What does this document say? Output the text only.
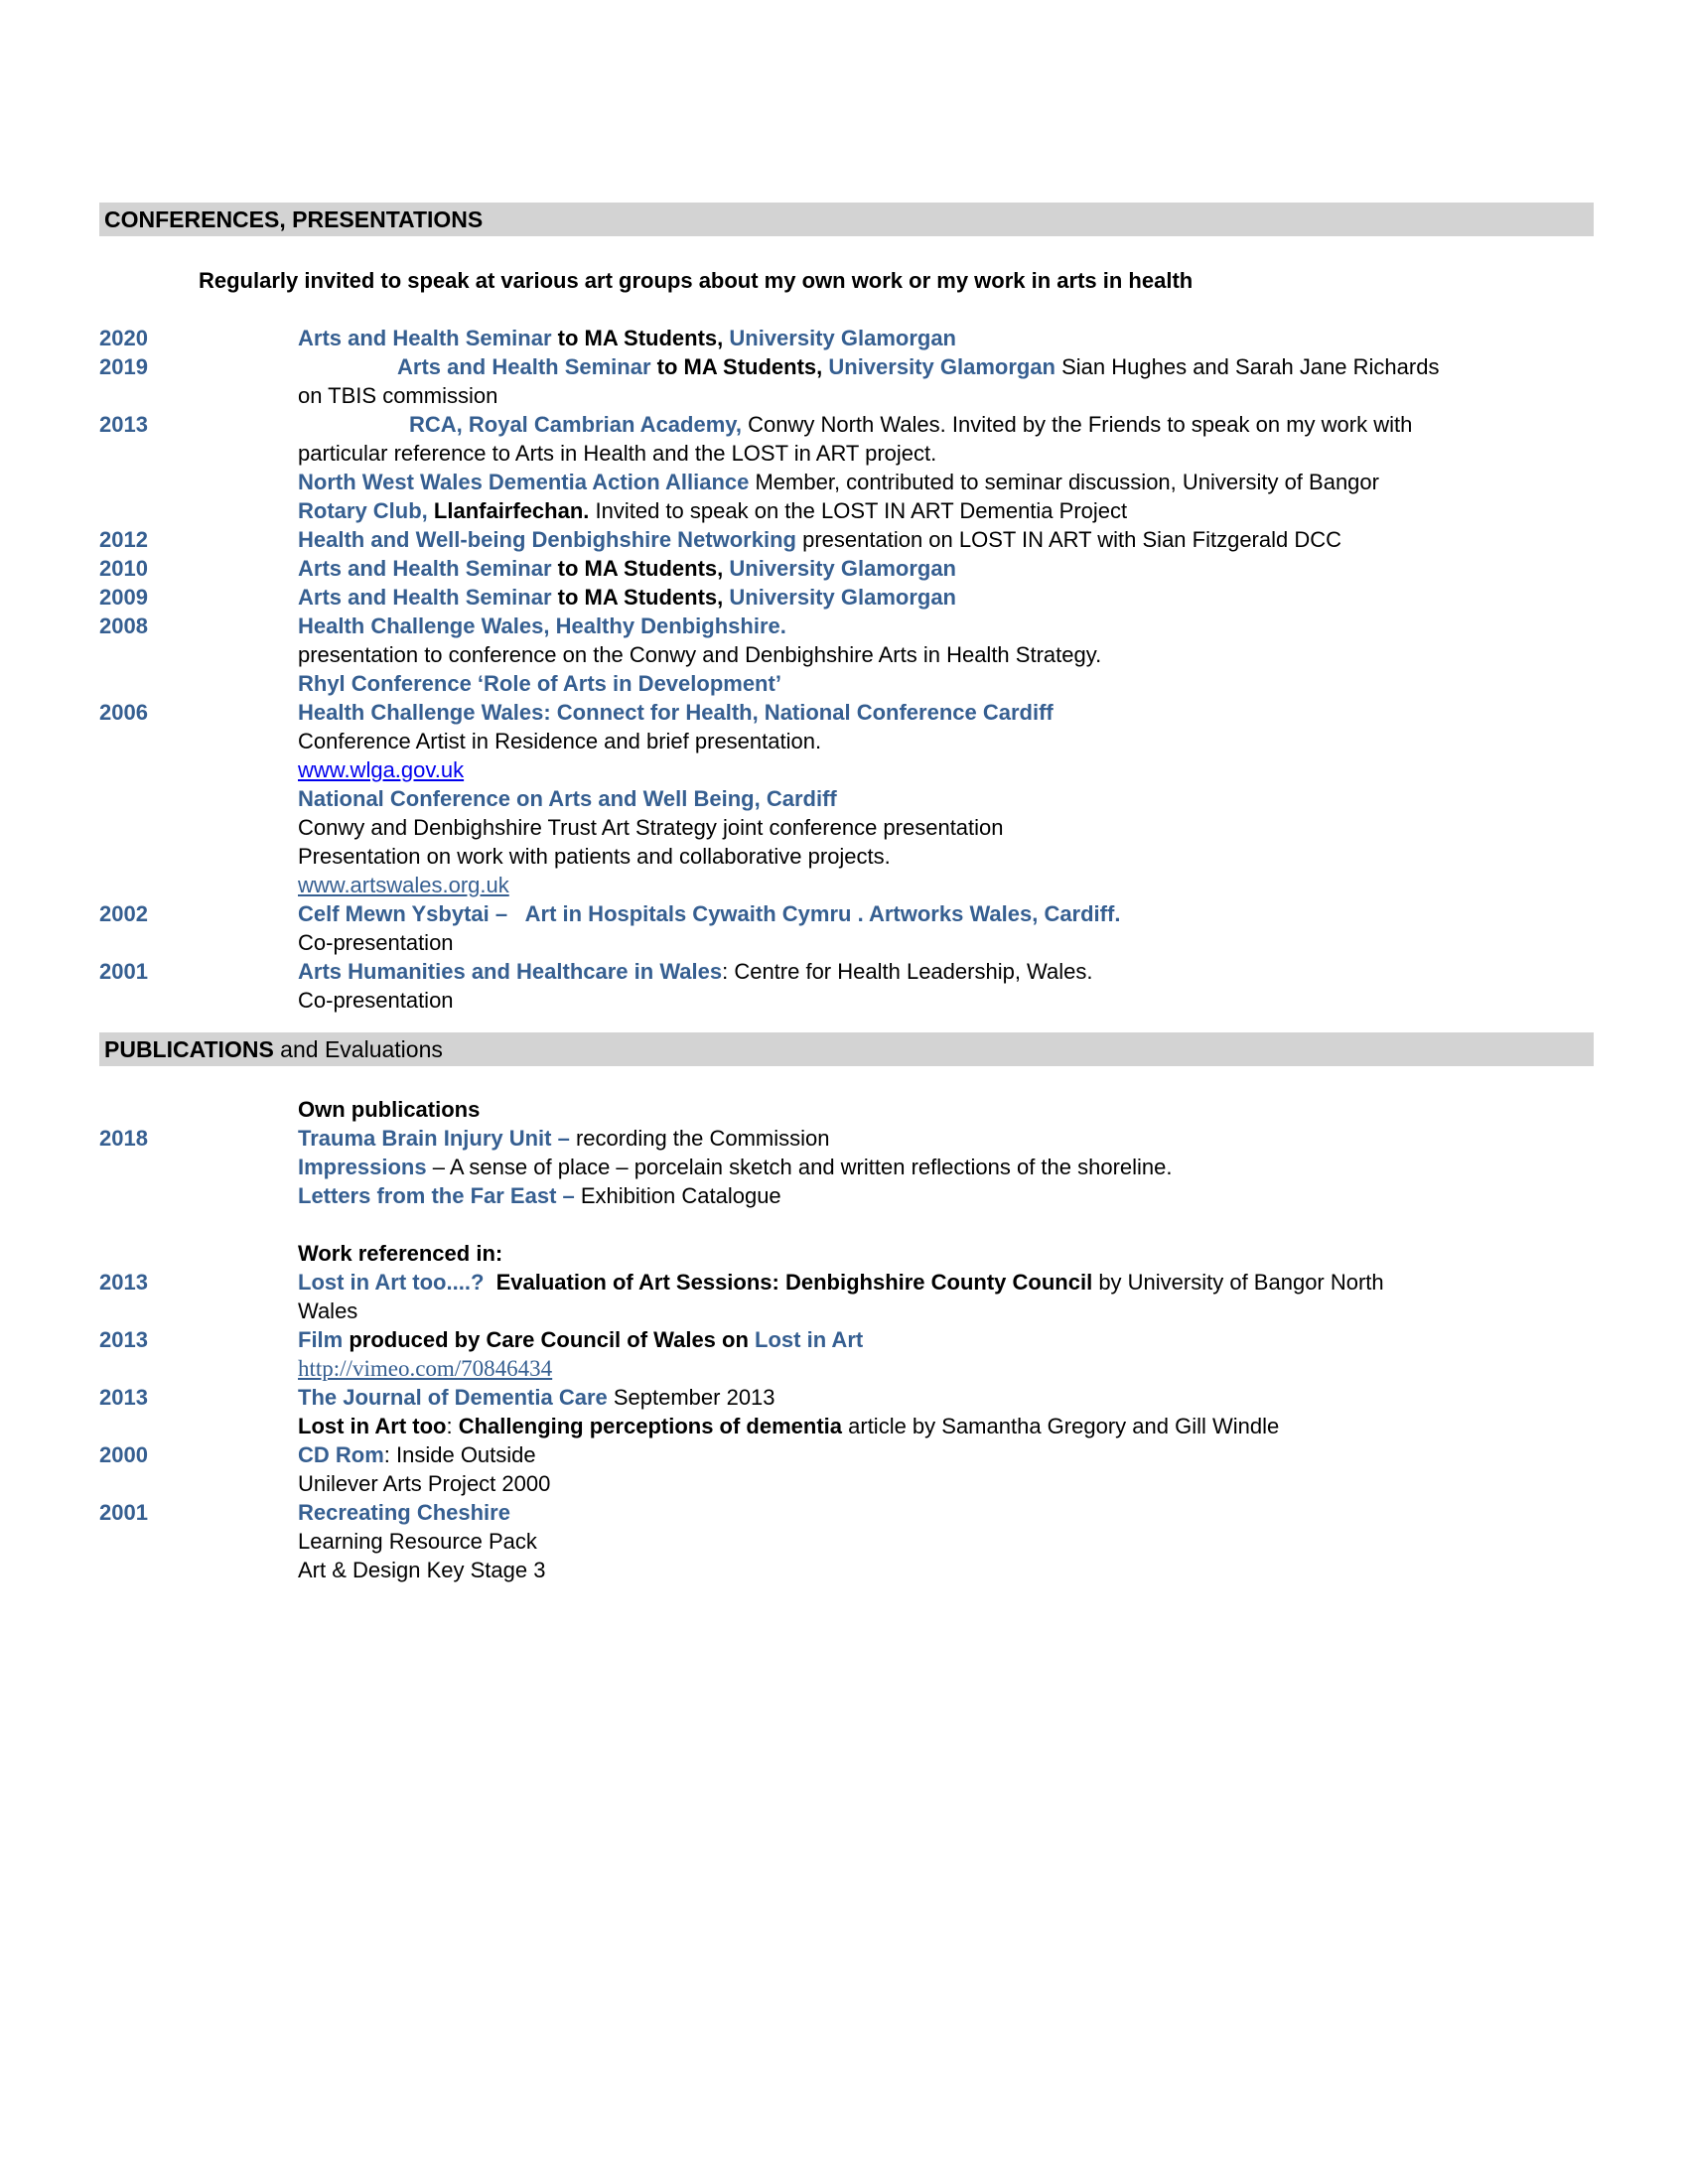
CONFERENCES, PRESENTATIONS
Regularly invited to speak at various art groups about my own work or my work in arts in health
2020	Arts and Health Seminar to MA Students, University Glamorgan
2019	Arts and Health Seminar to MA Students, University Glamorgan Sian Hughes and Sarah Jane Richards
on TBIS commission
2013	RCA, Royal Cambrian Academy, Conwy North Wales. Invited by the Friends to speak on my work with
particular reference to Arts in Health and the LOST in ART project.
North West Wales Dementia Action Alliance Member, contributed to seminar discussion, University of Bangor
Rotary Club, Llanfairfechan. Invited to speak on the LOST IN ART Dementia Project
2012	Health and Well-being Denbighshire Networking presentation on LOST IN ART with Sian Fitzgerald DCC
2010	Arts and Health Seminar to MA Students, University Glamorgan
2009	Arts and Health Seminar to MA Students, University Glamorgan
2008	Health Challenge Wales, Healthy Denbighshire.
presentation to conference on the Conwy and Denbighshire Arts in Health Strategy.
Rhyl Conference ‘Role of Arts in Development’
2006	Health Challenge Wales: Connect for Health, National Conference Cardiff
Conference Artist in Residence and brief presentation.
www.wlga.gov.uk
National Conference on Arts and Well Being, Cardiff
Conwy and Denbighshire Trust Art Strategy joint conference presentation
Presentation on work with patients and collaborative projects.
www.artswales.org.uk
2002	Celf Mewn Ysbytai –   Art in Hospitals Cywaith Cymru . Artworks Wales, Cardiff.
Co-presentation
2001	Arts Humanities and Healthcare in Wales: Centre for Health Leadership, Wales.
Co-presentation
PUBLICATIONS and Evaluations
Own publications
2018	Trauma Brain Injury Unit – recording the Commission
Impressions – A sense of place – porcelain sketch and written reflections of the shoreline.
Letters from the Far East – Exhibition Catalogue
Work referenced in:
2013	Lost in Art too....?  Evaluation of Art Sessions: Denbighshire County Council by University of Bangor North
Wales
2013	Film produced by Care Council of Wales on Lost in Art
http://vimeo.com/70846434
2013	The Journal of Dementia Care September 2013
Lost in Art too: Challenging perceptions of dementia article by Samantha Gregory and Gill Windle
2000	CD Rom: Inside Outside
Unilever Arts Project 2000
2001	Recreating Cheshire
Learning Resource Pack
Art & Design Key Stage 3
